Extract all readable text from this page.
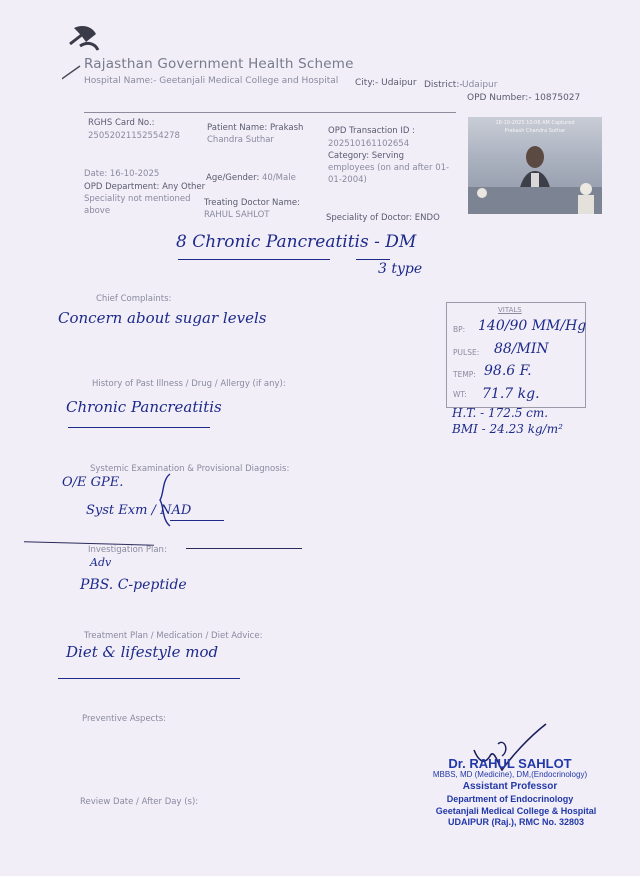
Rajasthan Government Health Scheme
Hospital Name:- Geetanjali Medical College and Hospital City:- Udaipur District:- Udaipur
OPD Number:- 10875027
RGHS Card No.:
25052021152554278
Patient Name: Prakash
Chandra Suthar
OPD Transaction ID :
202510161102654
Category: Serving
employees (on and after 01-
01-2004)
Date: 16-10-2025
OPD Department: Any Other
Speciality not mentioned
above
Age/Gender: 40/Male
Treating Doctor Name:
RAHUL SAHLOT	Speciality of Doctor: ENDO
16-10-2025 10:06 AM Captured
Prakash Chandra Suthar
8 Chronic Pancreatitis - DM
3 type
Chief Complaints:
Concern about sugar levels
History of Past Illness / Drug / Allergy (if any):
Chronic Pancreatitis
Systemic Examination & Provisional Diagnosis:
O/E GPE.
Syst Exm / NAD
Investigation Plan:
Adv
PBS. C-peptide
Treatment Plan / Medication / Diet Advice:
Diet & lifestyle mod
Preventive Aspects:
Review Date / After Day (s):
VITALS
BP: 140/90 MM/Hg
PULSE: 88/MIN
TEMP: 98.6 F.
WT: 71.7 kg.
H.T. - 172.5 cm.
BMI - 24.23 kg/m²
Dr. RAHUL SAHLOT
MBBS, MD (Medicine), DM,(Endocrinology)
Assistant Professor
Department of Endocrinology
Geetanjali Medical College & Hospital
UDAIPUR (Raj.), RMC No. 32803
